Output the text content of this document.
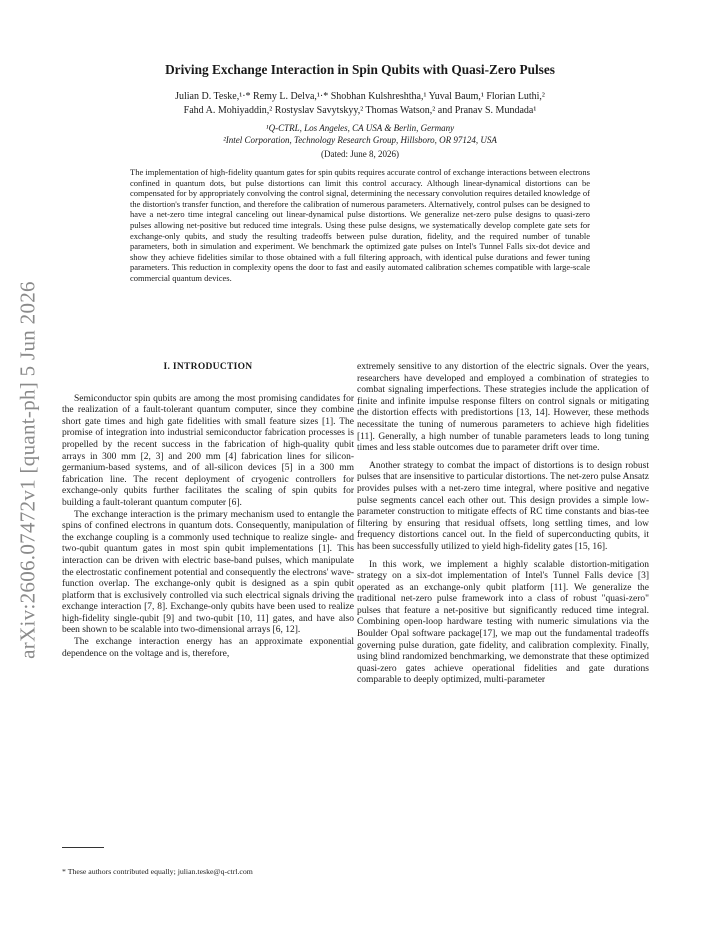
arXiv:2606.07472v1 [quant-ph] 5 Jun 2026
Driving Exchange Interaction in Spin Qubits with Quasi-Zero Pulses
Julian D. Teske,¹·* Remy L. Delva,¹·* Shobhan Kulshreshtha,¹ Yuval Baum,¹ Florian Luthi,²
Fahd A. Mohiyaddin,² Rostyslav Savytskyy,² Thomas Watson,² and Pranav S. Mundada¹
¹Q-CTRL, Los Angeles, CA USA & Berlin, Germany
²Intel Corporation, Technology Research Group, Hillsboro, OR 97124, USA
(Dated: June 8, 2026)
The implementation of high-fidelity quantum gates for spin qubits requires accurate control of exchange interactions between electrons confined in quantum dots, but pulse distortions can limit this control accuracy. Although linear-dynamical distortions can be compensated for by appropriately convolving the control signal, determining the necessary convolution requires detailed knowledge of the distortion's transfer function, and therefore the calibration of numerous parameters. Alternatively, control pulses can be designed to have a net-zero time integral canceling out linear-dynamical pulse distortions. We generalize net-zero pulse designs to quasi-zero pulses allowing net-positive but reduced time integrals. Using these pulse designs, we systematically develop complete gate sets for exchange-only qubits, and study the resulting tradeoffs between pulse duration, fidelity, and the required number of tunable parameters, both in simulation and experiment. We benchmark the optimized gate pulses on Intel's Tunnel Falls six-dot device and show they achieve fidelities similar to those obtained with a full filtering approach, with identical pulse durations and fewer tuning parameters. This reduction in complexity opens the door to fast and easily automated calibration schemes compatible with large-scale commercial quantum devices.
I. INTRODUCTION

Semiconductor spin qubits are among the most promising candidates for the realization of a fault-tolerant quantum computer, since they combine short gate times and high gate fidelities with small feature sizes [1]. The promise of integration into industrial semiconductor fabrication processes is propelled by the recent success in the fabrication of high-quality qubit arrays in 300 mm [2, 3] and 200 mm [4] fabrication lines for silicon-germanium-based systems, and of all-silicon devices [5] in a 300 mm fabrication line. The recent deployment of cryogenic controllers for exchange-only qubits further facilitates the scaling of spin qubits for building a fault-tolerant quantum computer [6].

The exchange interaction is the primary mechanism used to entangle the spins of confined electrons in quantum dots. Consequently, manipulation of the exchange coupling is a commonly used technique to realize single- and two-qubit quantum gates in most spin qubit implementations [1]. This interaction can be driven with electric base-band pulses, which manipulate the electrostatic confinement potential and consequently the electrons' wave-function overlap. The exchange-only qubit is designed as a spin qubit platform that is exclusively controlled via such electrical signals driving the exchange interaction [7, 8]. Exchange-only qubits have been used to realize high-fidelity single-qubit [9] and two-qubit [10, 11] gates, and have also been shown to be scalable into two-dimensional arrays [6, 12].

The exchange interaction energy has an approximate exponential dependence on the voltage and is, therefore,

extremely sensitive to any distortion of the electric signals. Over the years, researchers have developed and employed a combination of strategies to combat signaling imperfections. These strategies include the application of finite and infinite impulse response filters on control signals or mitigating the distortion effects with predistortions [13, 14]. However, these methods necessitate the tuning of numerous parameters to achieve high fidelities [11]. Generally, a high number of tunable parameters leads to long tuning times and less stable outcomes due to parameter drift over time.

Another strategy to combat the impact of distortions is to design robust pulses that are insensitive to particular distortions. The net-zero pulse Ansatz provides pulses with a net-zero time integral, where positive and negative pulse segments cancel each other out. This design provides a simple low-parameter construction to mitigate effects of RC time constants and bias-tee filtering by ensuring that residual offsets, long settling times, and low frequency distortions cancel out. In the field of superconducting qubits, it has been successfully utilized to yield high-fidelity gates [15, 16].

In this work, we implement a highly scalable distortion-mitigation strategy on a six-dot implementation of Intel's Tunnel Falls device [3] operated as an exchange-only qubit platform [11]. We generalize the traditional net-zero pulse framework into a class of robust "quasi-zero" pulses that feature a net-positive but significantly reduced time integral. Combining open-loop hardware testing with numeric simulations via the Boulder Opal software package[17], we map out the fundamental tradeoffs governing pulse duration, gate fidelity, and calibration complexity. Finally, using blind randomized benchmarking, we demonstrate that these optimized quasi-zero gates achieve operational fidelities and gate durations comparable to deeply optimized, multi-parameter

* These authors contributed equally; julian.teske@q-ctrl.com
